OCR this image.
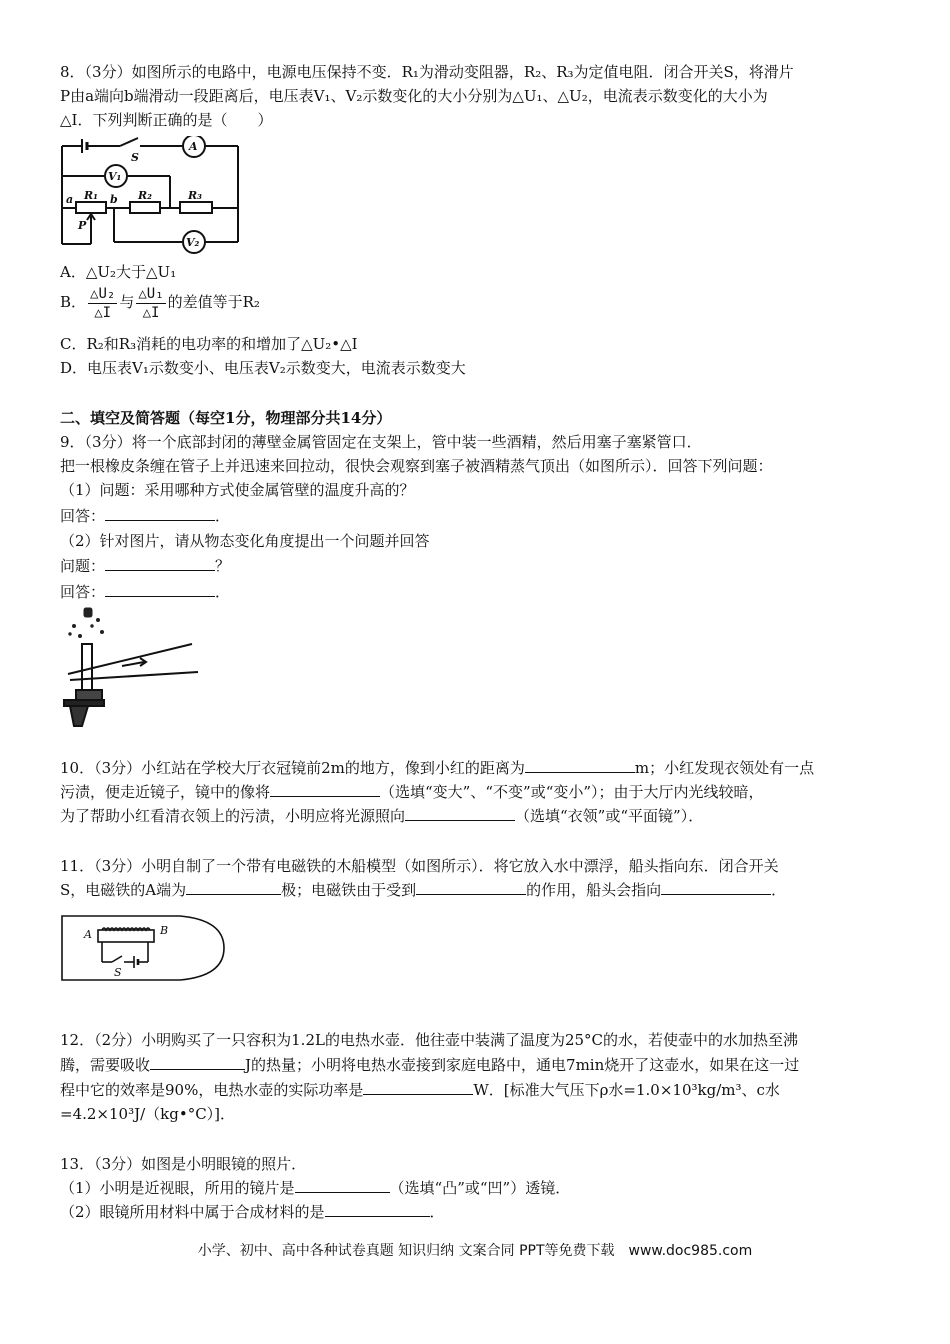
8．（3分）如图所示的电路中，电源电压保持不变．R₁为滑动变阻器，R₂、R₃为定值电阻．闭合开关S，将滑片
P由a端向b端滑动一段距离后，电压表V₁、V₂示数变化的大小分别为△U₁、△U₂，电流表示数变化的大小为
△I．下列判断正确的是（　　）
S
A
V₁
V₂
R₁	R₂	R₃
a	b
P
A．△U₂大于△U₁
B． $\frac{\text{△U₂}}{\triangle I}$ 与 $\frac{\text{△U₁}}{\triangle I}$ 的差值等于R₂
C．R₂和R₃消耗的电功率的和增加了△U₂•△I
D．电压表V₁示数变小、电压表V₂示数变大，电流表示数变大
二、填空及简答题（每空1分，物理部分共14分）
9．（3分）将一个底部封闭的薄壁金属管固定在支架上，管中装一些酒精，然后用塞子塞紧管口．
把一根橡皮条缠在管子上并迅速来回拉动，很快会观察到塞子被酒精蒸气顶出（如图所示）．回答下列问题：
（1）问题：采用哪种方式使金属管壁的温度升高的？
回答：	．
（2）针对图片，请从物态变化角度提出一个问题并回答
问题：	？
回答：	．
10．（3分）小红站在学校大厅衣冠镜前2m的地方，像到小红的距离为	m；小红发现衣领处有一点
污渍，便走近镜子，镜中的像将	（选填“变大”、“不变”或“变小”）；由于大厅内光线较暗，
为了帮助小红看清衣领上的污渍，小明应将光源照向	（选填“衣领”或“平面镜”）．
11．（3分）小明自制了一个带有电磁铁的木船模型（如图所示）．将它放入水中漂浮，船头指向东．闭合开关
S，电磁铁的A端为	极；电磁铁由于受到	的作用，船头会指向	．
A	B
S
12．（2分）小明购买了一只容积为1.2L的电热水壶．他往壶中装满了温度为25°C的水，若使壶中的水加热至沸
腾，需要吸收	J的热量；小明将电热水壶接到家庭电路中，通电7min烧开了这壶水，如果在这一过
程中它的效率是90%，电热水壶的实际功率是	W．[标准大气压下ρ水=1.0×10³kg/m³、c水
=4.2×10³J/（kg•°C）]．
13．（3分）如图是小明眼镜的照片．
（1）小明是近视眼，所用的镜片是	（选填“凸”或“凹”）透镜．
（2）眼镜所用材料中属于合成材料的是	．
小学、初中、高中各种试卷真题 知识归纳 文案合同 PPT等免费下载　www.doc985.com
